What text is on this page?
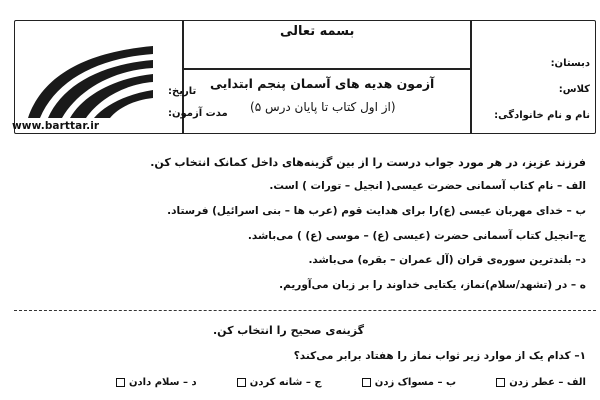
www.barttar.ir
بسمه تعالی
آزمون هدیه های آسمان پنجم ابتدایی
(از اول کتاب تا پایان درس ۵)
دبستان:
کلاس:
نام و نام خانوادگی:
تاریخ:
مدت آزمون:
فرزند عزیز، در هر مورد جواب درست را از بین گزینه‌های داخل کمانک انتخاب کن.
الف – نام کتاب آسمانی حضرت عیسی( انجیل – تورات ) است.
ب – خدای مهربان عیسی (ع)را برای هدایت قوم (عرب ها – بنی اسرائیل) فرستاد.
ج–انجیل کتاب آسمانی حضرت (عیسی (ع) – موسی (ع) ) می‌باشد.
د– بلندترین سوره‌ی قران (آل عمران – بقره) می‌باشد.
ه – در (تشهد/سلام)نماز، یکتایی خداوند را بر زبان می‌آوریم.
گزینه‌ی صحیح را انتخاب کن.
۱– کدام یک از موارد زیر ثواب نماز را هفتاد برابر می‌کند؟
الف – عطر زدن
ب – مسواک زدن
ج – شانه کردن
د – سلام دادن
